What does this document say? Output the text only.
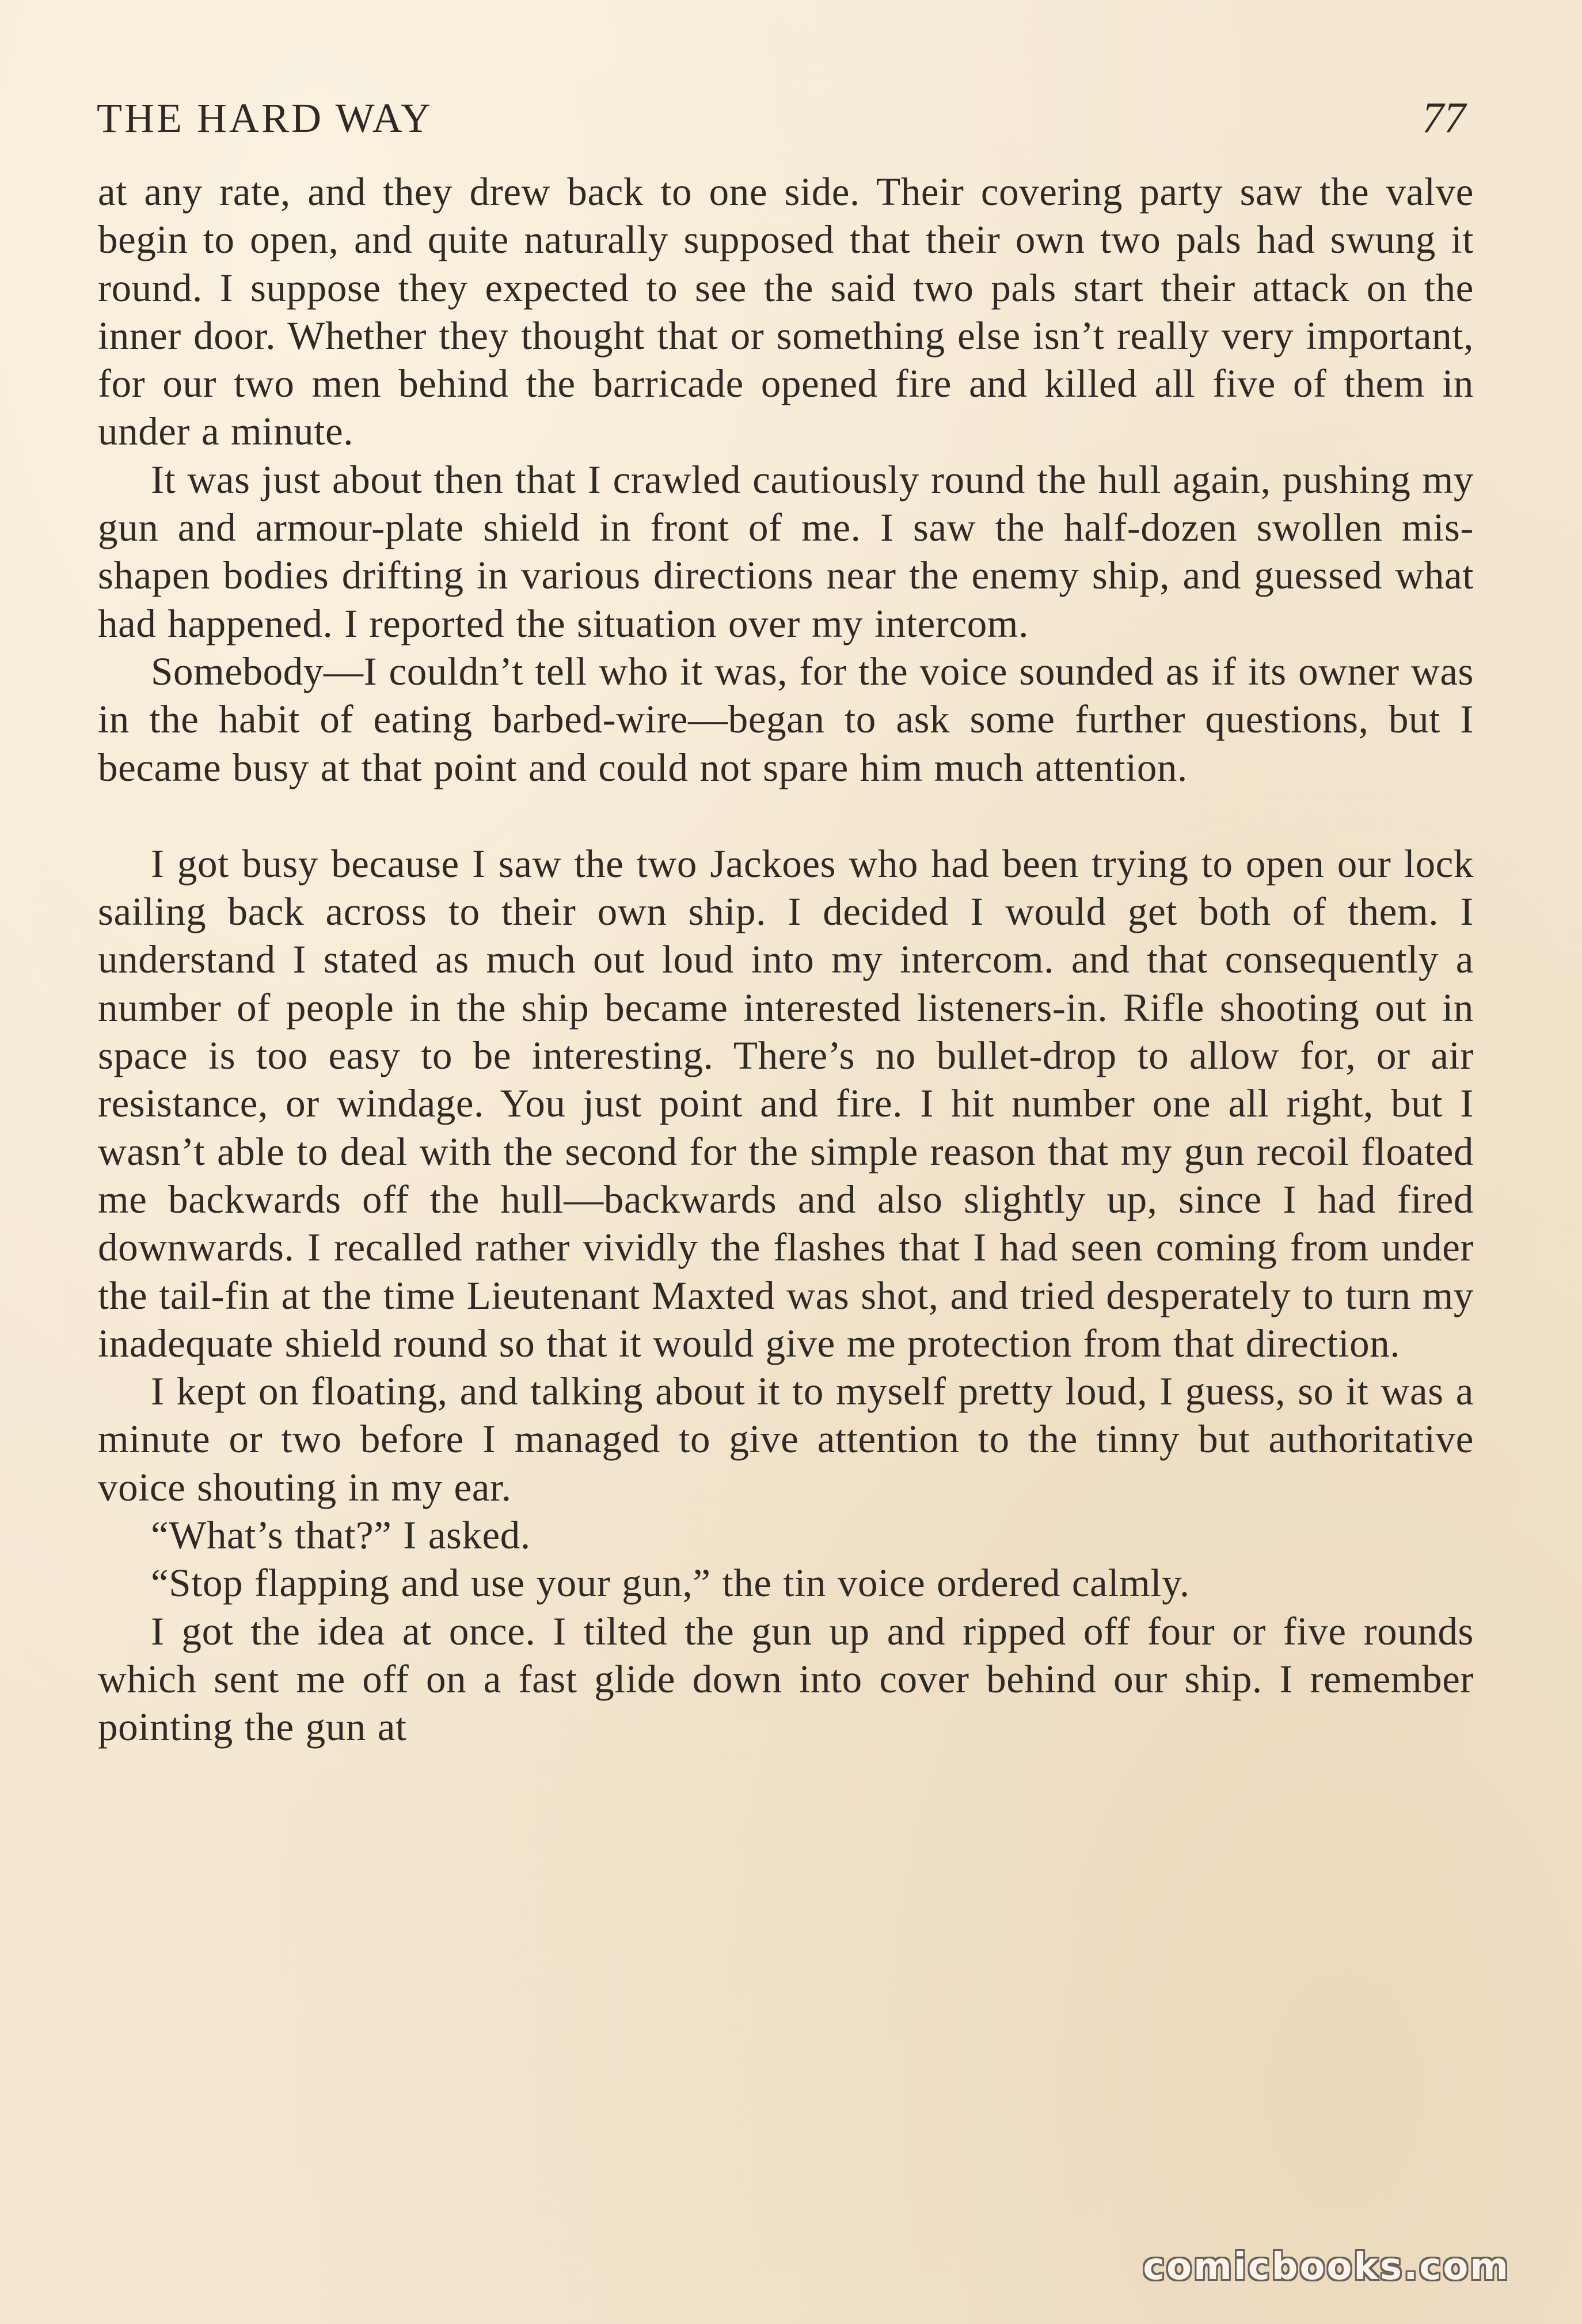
THE HARD WAY	77

at any rate, and they drew back to one side. Their covering party saw the valve begin to open, and quite naturally supposed that their own two pals had swung it round. I suppose they expected to see the said two pals start their attack on the inner door. Whether they thought that or something else isn’t really very important, for our two men behind the barricade opened fire and killed all five of them in under a minute.

It was just about then that I crawled cautiously round the hull again, pushing my gun and armour-plate shield in front of me. I saw the half-dozen swollen mis-shapen bodies drifting in various directions near the enemy ship, and guessed what had happened. I reported the situation over my intercom.

Somebody—I couldn’t tell who it was, for the voice sounded as if its owner was in the habit of eating barbed-wire—began to ask some further questions, but I became busy at that point and could not spare him much attention.

I got busy because I saw the two Jackoes who had been trying to open our lock sailing back across to their own ship. I decided I would get both of them. I understand I stated as much out loud into my intercom. and that consequently a number of people in the ship became interested listeners-in. Rifle shooting out in space is too easy to be interesting. There’s no bullet-drop to allow for, or air resistance, or windage. You just point and fire. I hit number one all right, but I wasn’t able to deal with the second for the simple reason that my gun recoil floated me backwards off the hull—backwards and also slightly up, since I had fired downwards. I recalled rather vividly the flashes that I had seen coming from under the tail-fin at the time Lieutenant Maxted was shot, and tried desperately to turn my inadequate shield round so that it would give me protection from that direction.

I kept on floating, and talking about it to myself pretty loud, I guess, so it was a minute or two before I managed to give attention to the tinny but authoritative voice shouting in my ear.

“What’s that?” I asked.

“Stop flapping and use your gun,” the tin voice ordered calmly.

I got the idea at once. I tilted the gun up and ripped off four or five rounds which sent me off on a fast glide down into cover behind our ship. I remember pointing the gun at

comicbooks.com
